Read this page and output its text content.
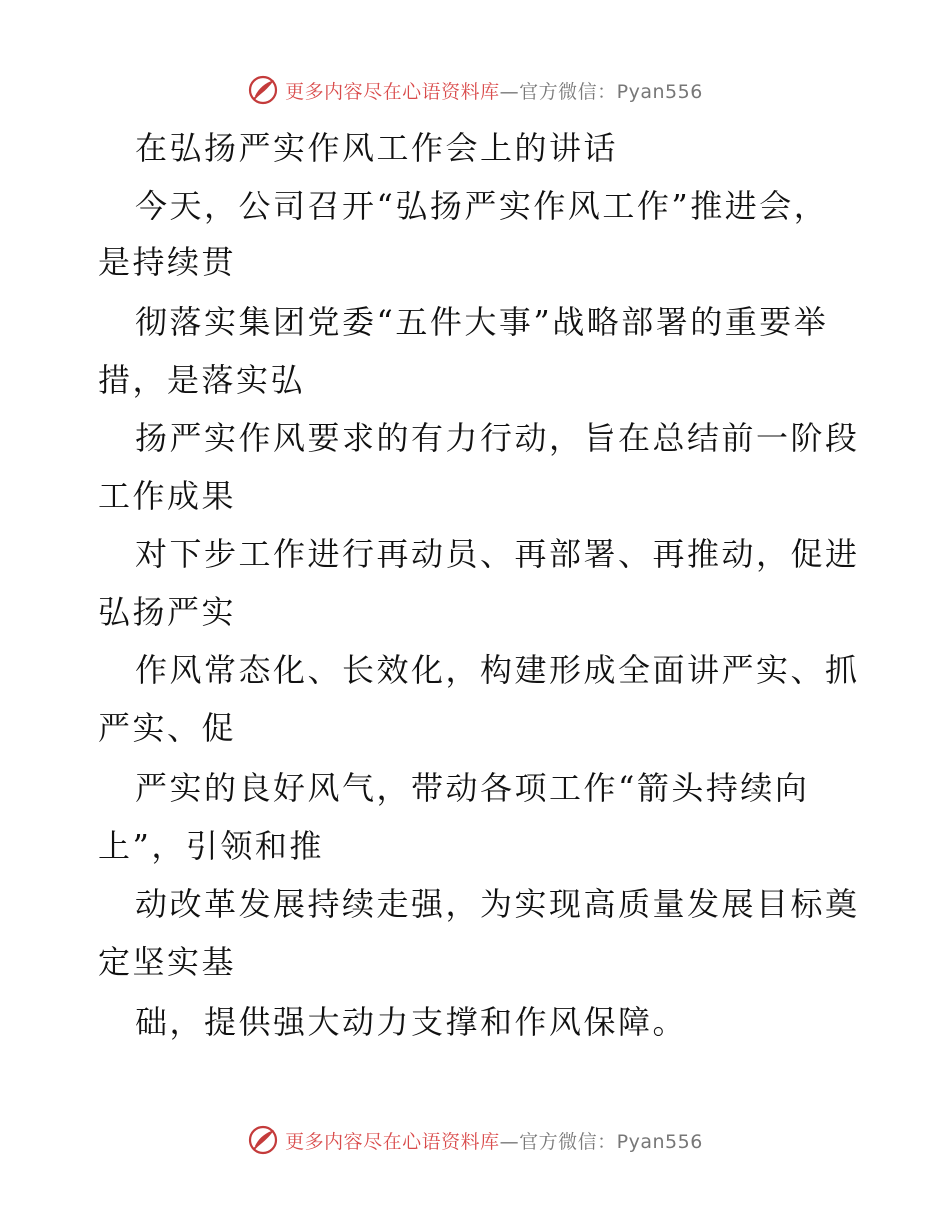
更多内容尽在心语资料库—官方微信：Pyan556
在弘扬严实作风工作会上的讲话
今天，公司召开“弘扬严实作风工作”推进会，
是持续贯
彻落实集团党委“五件大事”战略部署的重要举
措，是落实弘
扬严实作风要求的有力行动，旨在总结前一阶段
工作成果
对下步工作进行再动员、再部署、再推动，促进
弘扬严实
作风常态化、长效化，构建形成全面讲严实、抓
严实、促
严实的良好风气，带动各项工作“箭头持续向
上”，引领和推
动改革发展持续走强，为实现高质量发展目标奠
定坚实基
础，提供强大动力支撑和作风保障。
更多内容尽在心语资料库—官方微信：Pyan556
